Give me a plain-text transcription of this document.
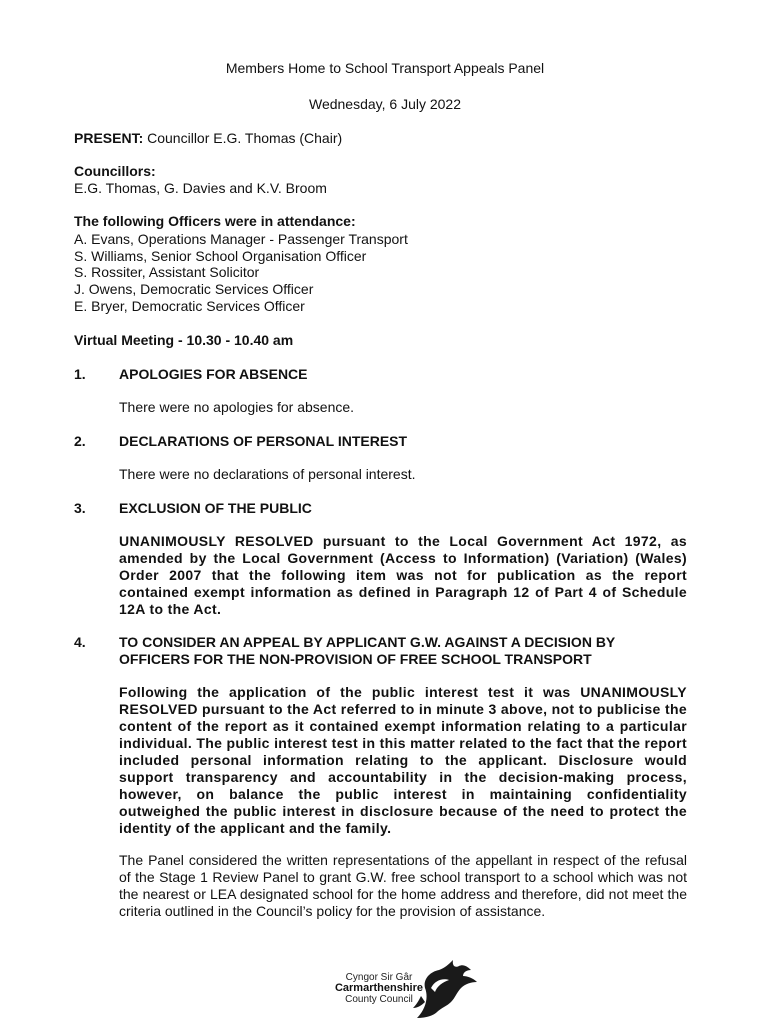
Members Home to School Transport Appeals Panel
Wednesday, 6 July 2022
PRESENT: Councillor E.G. Thomas (Chair)
Councillors:
E.G. Thomas, G. Davies and K.V. Broom
The following Officers were in attendance:
A. Evans, Operations Manager - Passenger Transport
S. Williams, Senior School Organisation Officer
S. Rossiter, Assistant Solicitor
J. Owens, Democratic Services Officer
E. Bryer, Democratic Services Officer
Virtual Meeting - 10.30 - 10.40 am
1. APOLOGIES FOR ABSENCE
There were no apologies for absence.
2. DECLARATIONS OF PERSONAL INTEREST
There were no declarations of personal interest.
3. EXCLUSION OF THE PUBLIC
UNANIMOUSLY RESOLVED pursuant to the Local Government Act 1972, as amended by the Local Government (Access to Information) (Variation) (Wales) Order 2007 that the following item was not for publication as the report contained exempt information as defined in Paragraph 12 of Part 4 of Schedule 12A to the Act.
4. TO CONSIDER AN APPEAL BY APPLICANT G.W. AGAINST A DECISION BY
OFFICERS FOR THE NON-PROVISION OF FREE SCHOOL TRANSPORT
Following the application of the public interest test it was UNANIMOUSLY RESOLVED pursuant to the Act referred to in minute 3 above, not to publicise the content of the report as it contained exempt information relating to a particular individual. The public interest test in this matter related to the fact that the report included personal information relating to the applicant. Disclosure would support transparency and accountability in the decision-making process, however, on balance the public interest in maintaining confidentiality outweighed the public interest in disclosure because of the need to protect the identity of the applicant and the family.
The Panel considered the written representations of the appellant in respect of the refusal of the Stage 1 Review Panel to grant G.W. free school transport to a school which was not the nearest or LEA designated school for the home address and therefore, did not meet the criteria outlined in the Council’s policy for the provision of assistance.
Cyngor Sir Gâr
Carmarthenshire
County Council
